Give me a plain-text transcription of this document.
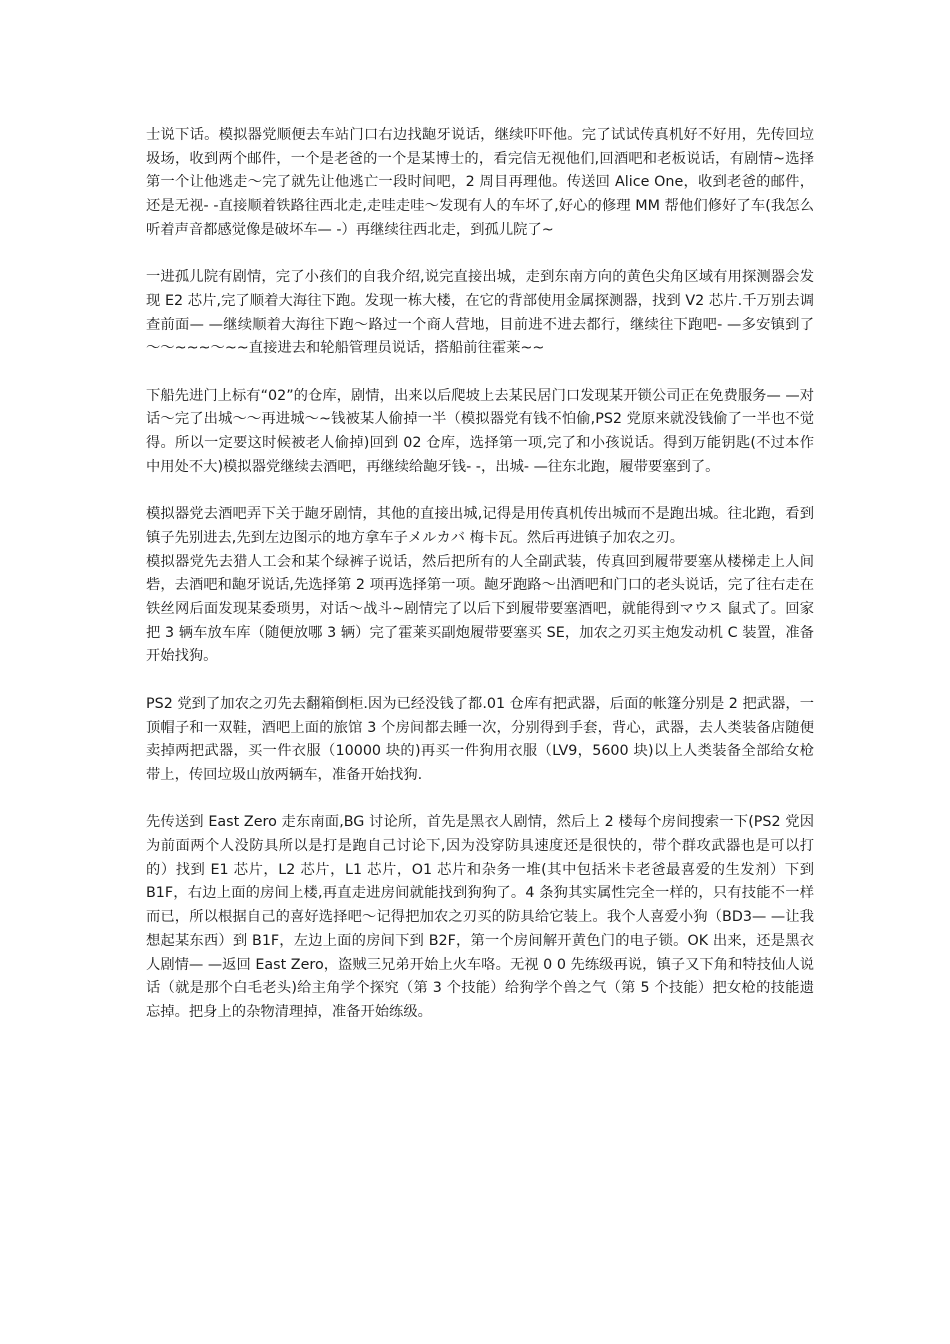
士说下话。模拟器党顺便去车站门口右边找龅牙说话，继续吓吓他。完了试试传真机好不好用，先传回垃圾场，收到两个邮件，一个是老爸的一个是某博士的，看完信无视他们,回酒吧和老板说话，有剧情~选择第一个让他逃走～完了就先让他逃亡一段时间吧，2 周目再理他。传送回 Alice One，收到老爸的邮件，还是无视- -直接顺着铁路往西北走,走哇走哇～发现有人的车坏了,好心的修理 MM 帮他们修好了车(我怎么听着声音都感觉像是破坏车— -）再继续往西北走，到孤儿院了~

一进孤儿院有剧情，完了小孩们的自我介绍,说完直接出城，走到东南方向的黄色尖角区域有用探测器会发现 E2 芯片,完了顺着大海往下跑。发现一栋大楼，在它的背部使用金属探测器，找到 V2 芯片.千万别去调查前面— —继续顺着大海往下跑～路过一个商人营地，目前进不进去都行，继续往下跑吧- —多安镇到了～～~~~～~~直接进去和轮船管理员说话，搭船前往霍莱~~

下船先进门上标有“02”的仓库，剧情，出来以后爬坡上去某民居门口发现某开锁公司正在免费服务— —对话～完了出城～～再进城～~钱被某人偷掉一半（模拟器党有钱不怕偷,PS2 党原来就没钱偷了一半也不觉得。所以一定要这时候被老人偷掉)回到 02 仓库，选择第一项,完了和小孩说话。得到万能钥匙(不过本作中用处不大)模拟器党继续去酒吧，再继续给龅牙钱- -，出城- —往东北跑，履带要塞到了。

模拟器党去酒吧弄下关于龅牙剧情，其他的直接出城,记得是用传真机传出城而不是跑出城。往北跑，看到镇子先别进去,先到左边图示的地方拿车子メルカバ 梅卡瓦。然后再进镇子加农之刃。

模拟器党先去猎人工会和某个绿裤子说话，然后把所有的人全副武装，传真回到履带要塞从楼梯走上人间砦，去酒吧和龅牙说话,先选择第 2 项再选择第一项。龅牙跑路～出酒吧和门口的老头说话，完了往右走在铁丝网后面发现某委琐男，对话～战斗~剧情完了以后下到履带要塞酒吧，就能得到マウス 鼠式了。回家把 3 辆车放车库（随便放哪 3 辆）完了霍莱买副炮履带要塞买 SE，加农之刃买主炮发动机 C 装置，准备开始找狗。

PS2 党到了加农之刃先去翻箱倒柜.因为已经没钱了都.01 仓库有把武器，后面的帐篷分别是 2 把武器，一顶帽子和一双鞋，酒吧上面的旅馆 3 个房间都去睡一次，分别得到手套，背心，武器，去人类装备店随便卖掉两把武器，买一件衣服（10000 块的)再买一件狗用衣服（LV9，5600 块)以上人类装备全部给女枪带上，传回垃圾山放两辆车，准备开始找狗.

先传送到 East Zero 走东南面,BG 讨论所，首先是黑衣人剧情，然后上 2 楼每个房间搜索一下(PS2 党因为前面两个人没防具所以是打是跑自己讨论下,因为没穿防具速度还是很快的，带个群攻武器也是可以打的）找到 E1 芯片，L2 芯片，L1 芯片，O1 芯片和杂务一堆(其中包括米卡老爸最喜爱的生发剂）下到 B1F，右边上面的房间上楼,再直走进房间就能找到狗狗了。4 条狗其实属性完全一样的，只有技能不一样而已，所以根据自己的喜好选择吧～记得把加农之刃买的防具给它装上。我个人喜爱小狗（BD3— —让我想起某东西）到 B1F，左边上面的房间下到 B2F，第一个房间解开黄色门的电子锁。OK 出来，还是黑衣人剧情— —返回 East Zero，盗贼三兄弟开始上火车咯。无视 0 0 先练级再说，镇子又下角和特技仙人说话（就是那个白毛老头)给主角学个探究（第 3 个技能）给狗学个兽之气（第 5 个技能）把女枪的技能遗忘掉。把身上的杂物清理掉，准备开始练级。
